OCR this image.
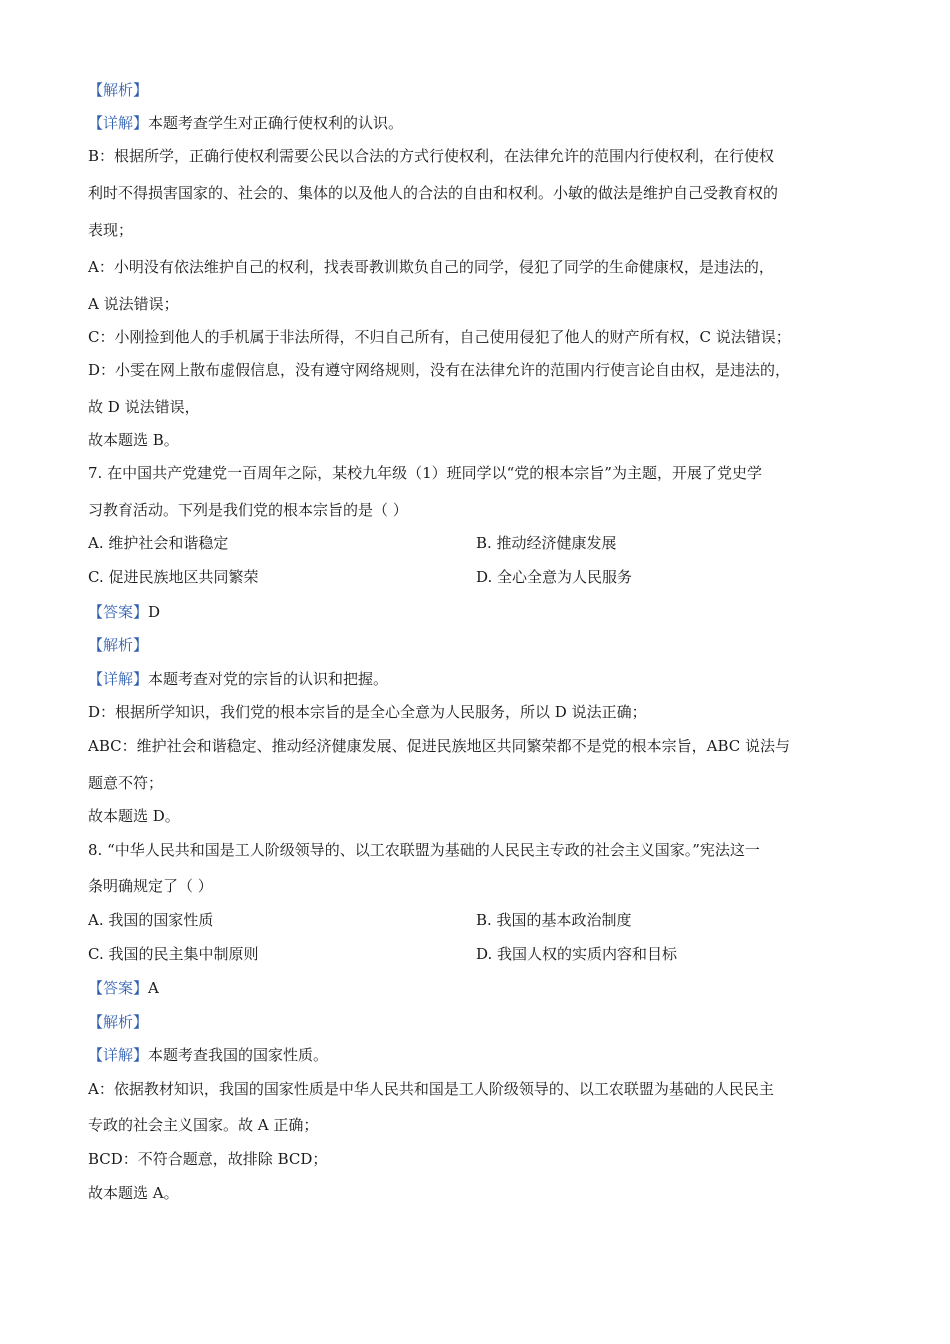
【解析】
【详解】本题考查学生对正确行使权利的认识。
B：根据所学，正确行使权利需要公民以合法的方式行使权利，在法律允许的范围内行使权利，在行使权
利时不得损害国家的、社会的、集体的以及他人的合法的自由和权利。小敏的做法是维护自己受教育权的
表现；
A：小明没有依法维护自己的权利，找表哥教训欺负自己的同学，侵犯了同学的生命健康权，是违法的，
A 说法错误；
C：小刚捡到他人的手机属于非法所得，不归自己所有，自己使用侵犯了他人的财产所有权，C 说法错误；
D：小雯在网上散布虚假信息，没有遵守网络规则，没有在法律允许的范围内行使言论自由权，是违法的，
故 D 说法错误，
故本题选 B。
7. 在中国共产党建党一百周年之际，某校九年级（1）班同学以“党的根本宗旨”为主题，开展了党史学
习教育活动。下列是我们党的根本宗旨的是（ ）
A. 维护社会和谐稳定	B. 推动经济健康发展
C. 促进民族地区共同繁荣	D. 全心全意为人民服务
【答案】D
【解析】
【详解】本题考查对党的宗旨的认识和把握。
D：根据所学知识，我们党的根本宗旨的是全心全意为人民服务，所以 D 说法正确；
ABC：维护社会和谐稳定、推动经济健康发展、促进民族地区共同繁荣都不是党的根本宗旨，ABC 说法与
题意不符；
故本题选 D。
8. “中华人民共和国是工人阶级领导的、以工农联盟为基础的人民民主专政的社会主义国家。”宪法这一
条明确规定了（ ）
A. 我国的国家性质	B. 我国的基本政治制度
C. 我国的民主集中制原则	D. 我国人权的实质内容和目标
【答案】A
【解析】
【详解】本题考查我国的国家性质。
A：依据教材知识，我国的国家性质是中华人民共和国是工人阶级领导的、以工农联盟为基础的人民民主
专政的社会主义国家。故 A 正确；
BCD：不符合题意，故排除 BCD；
故本题选 A。
